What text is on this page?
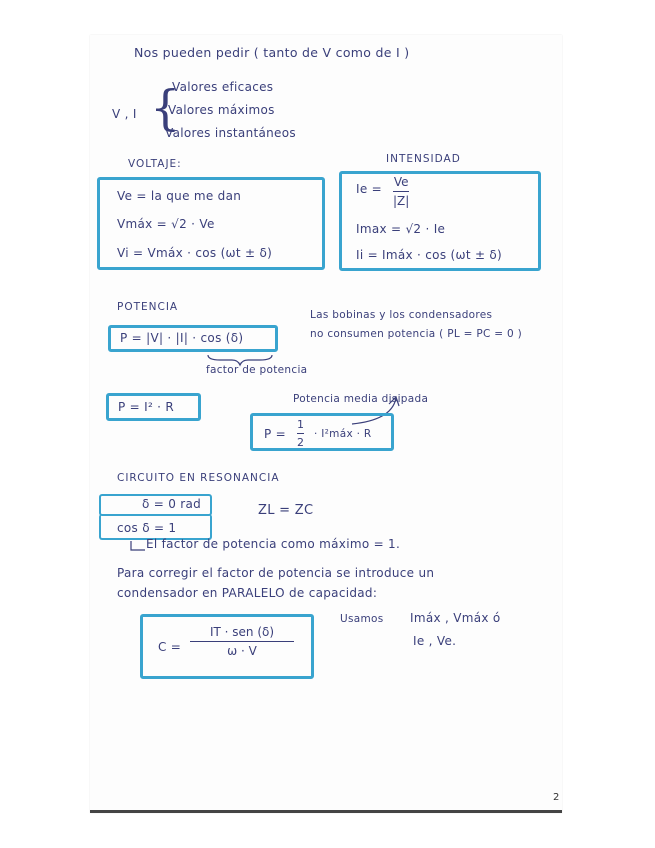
Nos pueden pedir ( tanto de V como de I )
V , I {
Valores eficaces
Valores máximos
Valores instantáneos
VOLTAJE:
Ve = la que me dan
Vmáx = √2 · Ve
Vi = Vmáx · cos (ωt ± δ)
INTENSIDAD
Ie = Ve
|Z|
Imax = √2 · Ie
Ii = Imáx · cos (ωt ± δ)
POTENCIA
P = |V| · |I| · cos (δ)
factor de potencia
Las bobinas y los condensadores
no consumen potencia ( PL = PC = 0 )
P = I² · R
Potencia media disipada
P =
1
2
· I²máx · R
CIRCUITO EN RESONANCIA
δ = 0 rad
cos δ = 1
ZL = ZC
El factor de potencia como máximo = 1.
Para corregir el factor de potencia se introduce un
condensador en PARALELO de capacidad:
C =
IT · sen (δ)
ω · V
Usamos Imáx , Vmáx ó
Ie , Ve.
2
